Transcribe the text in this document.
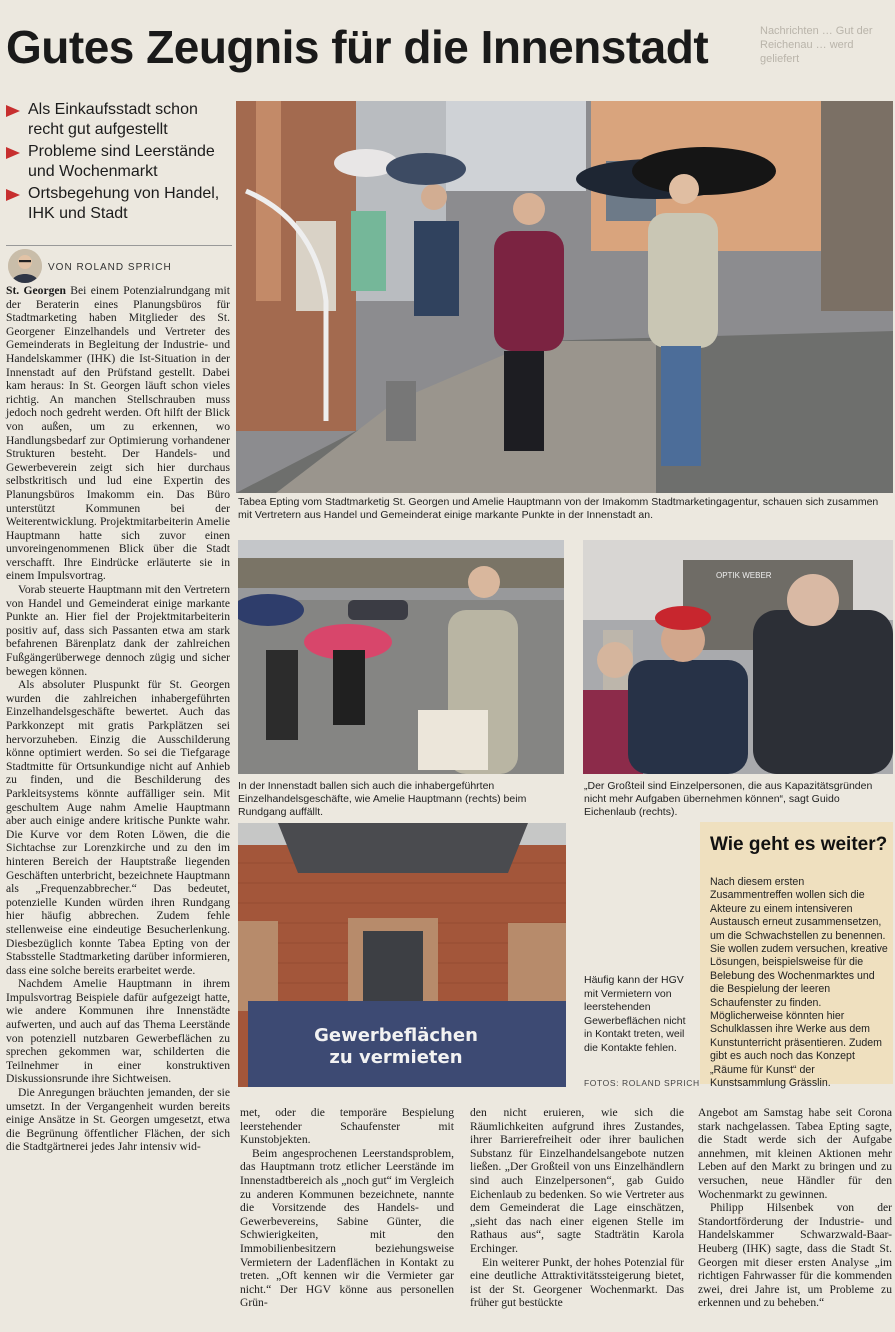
Gutes Zeugnis für die Innenstadt	Nachrichten … Gut der Reichenau … werd geliefert
Als Einkaufsstadt schon recht gut aufgestellt
Probleme sind Leerstände und Wochenmarkt
Ortsbegehung von Handel, IHK und Stadt
VON ROLAND SPRICH

St. Georgen Bei einem Potenzialrundgang mit der Beraterin eines Planungsbüros für Stadtmarketing haben Mitglieder des St. Georgener Einzelhandels und Vertreter des Gemeinderats in Begleitung der Industrie- und Handelskammer (IHK) die Ist-Situation in der Innenstadt auf den Prüfstand gestellt. Dabei kam heraus: In St. Georgen läuft schon vieles richtig. An manchen Stellschrauben muss jedoch noch gedreht werden. Oft hilft der Blick von außen, um zu erkennen, wo Handlungsbedarf zur Optimierung vorhandener Strukturen besteht. Der Handels- und Gewerbeverein zeigt sich hier durchaus selbstkritisch und lud eine Expertin des Planungsbüros Imakomm ein. Das Büro unterstützt Kommunen bei der Weiterentwicklung. Projektmitarbeiterin Amelie Hauptmann hatte sich zuvor einen unvoreingenommenen Blick über die Stadt verschafft. Ihre Eindrücke erläuterte sie in einem Impulsvortrag.

Vorab steuerte Hauptmann mit den Vertretern von Handel und Gemeinderat einige markante Punkte an. Hier fiel der Projektmitarbeiterin positiv auf, dass sich Passanten etwa am stark befahrenen Bärenplatz dank der zahlreichen Fußgängerüberwege dennoch zügig und sicher bewegen können.

Als absoluter Pluspunkt für St. Georgen wurden die zahlreichen inhabergeführten Einzelhandelsgeschäfte bewertet. Auch das Parkkonzept mit gratis Parkplätzen sei hervorzuheben. Einzig die Ausschilderung könne optimiert werden. So sei die Tiefgarage Stadtmitte für Ortsunkundige nicht auf Anhieb zu finden, und die Beschilderung des Parkleitsystems könnte auffälliger sein. Mit geschultem Auge nahm Amelie Hauptmann aber auch einige andere kritische Punkte wahr. Die Kurve vor dem Roten Löwen, die die Sichtachse zur Lorenzkirche und zu den im hinteren Bereich der Hauptstraße liegenden Geschäften unterbricht, bezeichnete Hauptmann als „Frequenzabbrecher.“ Das bedeutet, potenzielle Kunden würden ihren Rundgang hier häufig abbrechen. Zudem fehle stellenweise eine eindeutige Besucherlenkung. Diesbezüglich konnte Tabea Epting von der Stabsstelle Stadtmarketing darüber informieren, dass eine solche bereits erarbeitet werde.

Nachdem Amelie Hauptmann in ihrem Impulsvortrag Beispiele dafür aufgezeigt hatte, wie andere Kommunen ihre Innenstädte aufwerten, und auch auf das Thema Leerstände von potenziell nutzbaren Gewerbeflächen zu sprechen gekommen war, schilderten die Teilnehmer in einer konstruktiven Diskussionsrunde ihre Sichtweisen.

Die Anregungen bräuchten jemanden, der sie umsetzt. In der Vergangenheit wurden bereits einige Ansätze in St. Georgen umgesetzt, etwa die Begrünung öffentlicher Flächen, der sich die Stadtgärtnerei jedes Jahr intensiv wid-

Tabea Epting vom Stadtmarketig St. Georgen und Amelie Hauptmann von der Imakomm Stadtmarketingagentur, schauen sich zusammen mit Vertretern aus Handel und Gemeinderat einige markante Punkte in der Innenstadt an.
OPTIK WEBER
In der Innenstadt ballen sich auch die inhabergeführten Einzelhandelsgeschäfte, wie Amelie Hauptmann (rechts) beim Rundgang auffällt.
„Der Großteil sind Einzelpersonen, die aus Kapazitätsgründen nicht mehr Aufgaben übernehmen können“, sagt Guido Eichenlaub (rechts).
Gewerbeflächen
zu vermieten
Häufig kann der HGV mit Vermietern von leerstehenden Gewerbeflächen nicht in Kontakt treten, weil die Kontakte fehlen.
FOTOS: ROLAND SPRICH
Wie geht es weiter?
Nach diesem ersten Zusammentreffen wollen sich die Akteure zu einem intensiveren Austausch erneut zusammensetzen, um die Schwachstellen zu benennen. Sie wollen zudem versuchen, kreative Lösungen, beispielsweise für die Belebung des Wochenmarktes und die Bespielung der leeren Schaufenster zu finden. Möglicherweise könnten hier Schulklassen ihre Werke aus dem Kunstunterricht präsentieren. Zudem gibt es auch noch das Konzept „Räume für Kunst“ der Kunstsammlung Grässlin.

met, oder die temporäre Bespielung leerstehender Schaufenster mit Kunstobjekten.

Beim angesprochenen Leerstandsproblem, das Hauptmann trotz etlicher Leerstände im Innenstadtbereich als „noch gut“ im Vergleich zu anderen Kommunen bezeichnete, nannte die Vorsitzende des Handels- und Gewerbevereins, Sabine Günter, die Schwierigkeiten, mit den Immobilienbesitzern beziehungsweise Vermietern der Ladenflächen in Kontakt zu treten. „Oft kennen wir die Vermieter gar nicht.“ Der HGV könne aus personellen Grün-

den nicht eruieren, wie sich die Räumlichkeiten aufgrund ihres Zustandes, ihrer Barrierefreiheit oder ihrer baulichen Substanz für Einzelhandelsangebote nutzen ließen. „Der Großteil von uns Einzelhändlern sind auch Einzelpersonen“, gab Guido Eichenlaub zu bedenken. So wie Vertreter aus dem Gemeinderat die Lage einschätzen, „sieht das nach einer eigenen Stelle im Rathaus aus“, sagte Stadträtin Karola Erchinger.

Ein weiterer Punkt, der hohes Potenzial für eine deutliche Attraktivitätssteigerung bietet, ist der St. Georgener Wochenmarkt. Das früher gut bestückte

Angebot am Samstag habe seit Corona stark nachgelassen. Tabea Epting sagte, die Stadt werde sich der Aufgabe annehmen, mit kleinen Aktionen mehr Leben auf den Markt zu bringen und zu versuchen, neue Händler für den Wochenmarkt zu gewinnen.

Philipp Hilsenbek von der Standortförderung der Industrie- und Handelskammer Schwarzwald-Baar-Heuberg (IHK) sagte, dass die Stadt St. Georgen mit dieser ersten Analyse „im richtigen Fahrwasser für die kommenden zwei, drei Jahre ist, um Probleme zu erkennen und zu beheben.“
